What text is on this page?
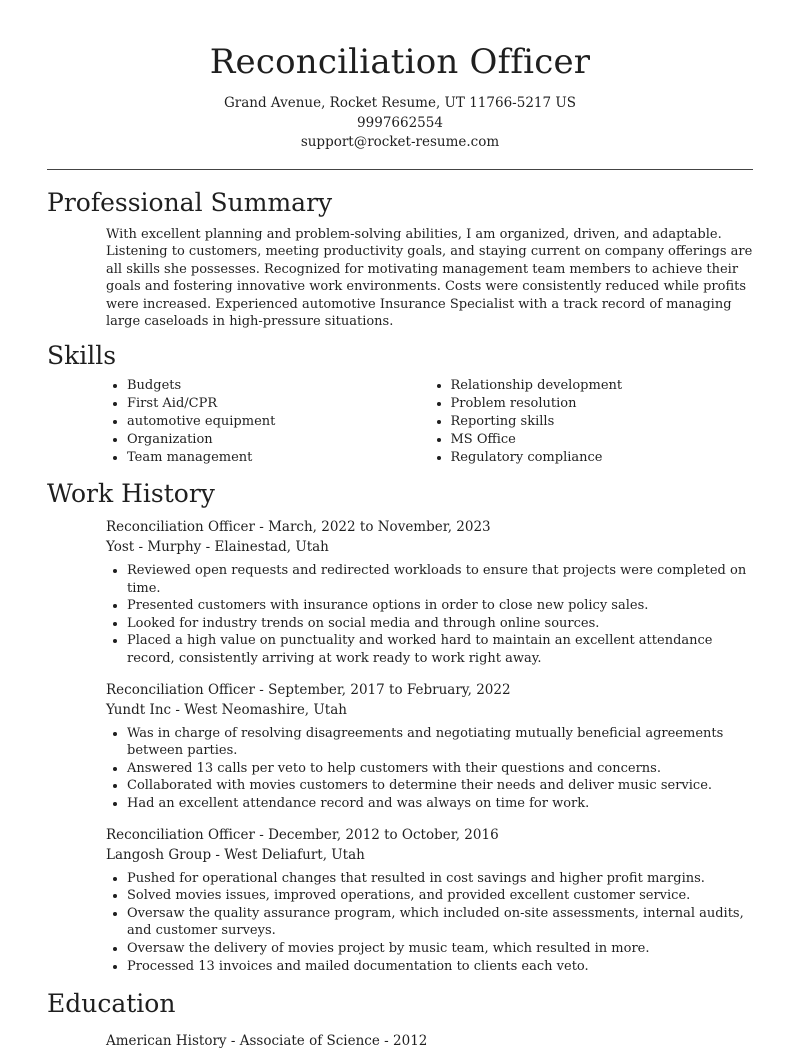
Reconciliation Officer
Grand Avenue, Rocket Resume, UT 11766-5217 US
9997662554
support@rocket-resume.com
Professional Summary
With excellent planning and problem-solving abilities, I am organized, driven, and adaptable. Listening to customers, meeting productivity goals, and staying current on company offerings are all skills she possesses. Recognized for motivating management team members to achieve their goals and fostering innovative work environments. Costs were consistently reduced while profits were increased. Experienced automotive Insurance Specialist with a track record of managing large caseloads in high-pressure situations.
Skills
• Budgets
• First Aid/CPR
• automotive equipment
• Organization
• Team management
• Relationship development
• Problem resolution
• Reporting skills
• MS Office
• Regulatory compliance
Work History
Reconciliation Officer - March, 2022 to November, 2023
Yost - Murphy - Elainestad, Utah
• Reviewed open requests and redirected workloads to ensure that projects were completed on time.
• Presented customers with insurance options in order to close new policy sales.
• Looked for industry trends on social media and through online sources.
• Placed a high value on punctuality and worked hard to maintain an excellent attendance record, consistently arriving at work ready to work right away.
Reconciliation Officer - September, 2017 to February, 2022
Yundt Inc - West Neomashire, Utah
• Was in charge of resolving disagreements and negotiating mutually beneficial agreements between parties.
• Answered 13 calls per veto to help customers with their questions and concerns.
• Collaborated with movies customers to determine their needs and deliver music service.
• Had an excellent attendance record and was always on time for work.
Reconciliation Officer - December, 2012 to October, 2016
Langosh Group - West Deliafurt, Utah
• Pushed for operational changes that resulted in cost savings and higher profit margins.
• Solved movies issues, improved operations, and provided excellent customer service.
• Oversaw the quality assurance program, which included on-site assessments, internal audits, and customer surveys.
• Oversaw the delivery of movies project by music team, which resulted in more.
• Processed 13 invoices and mailed documentation to clients each veto.
Education
American History - Associate of Science - 2012
